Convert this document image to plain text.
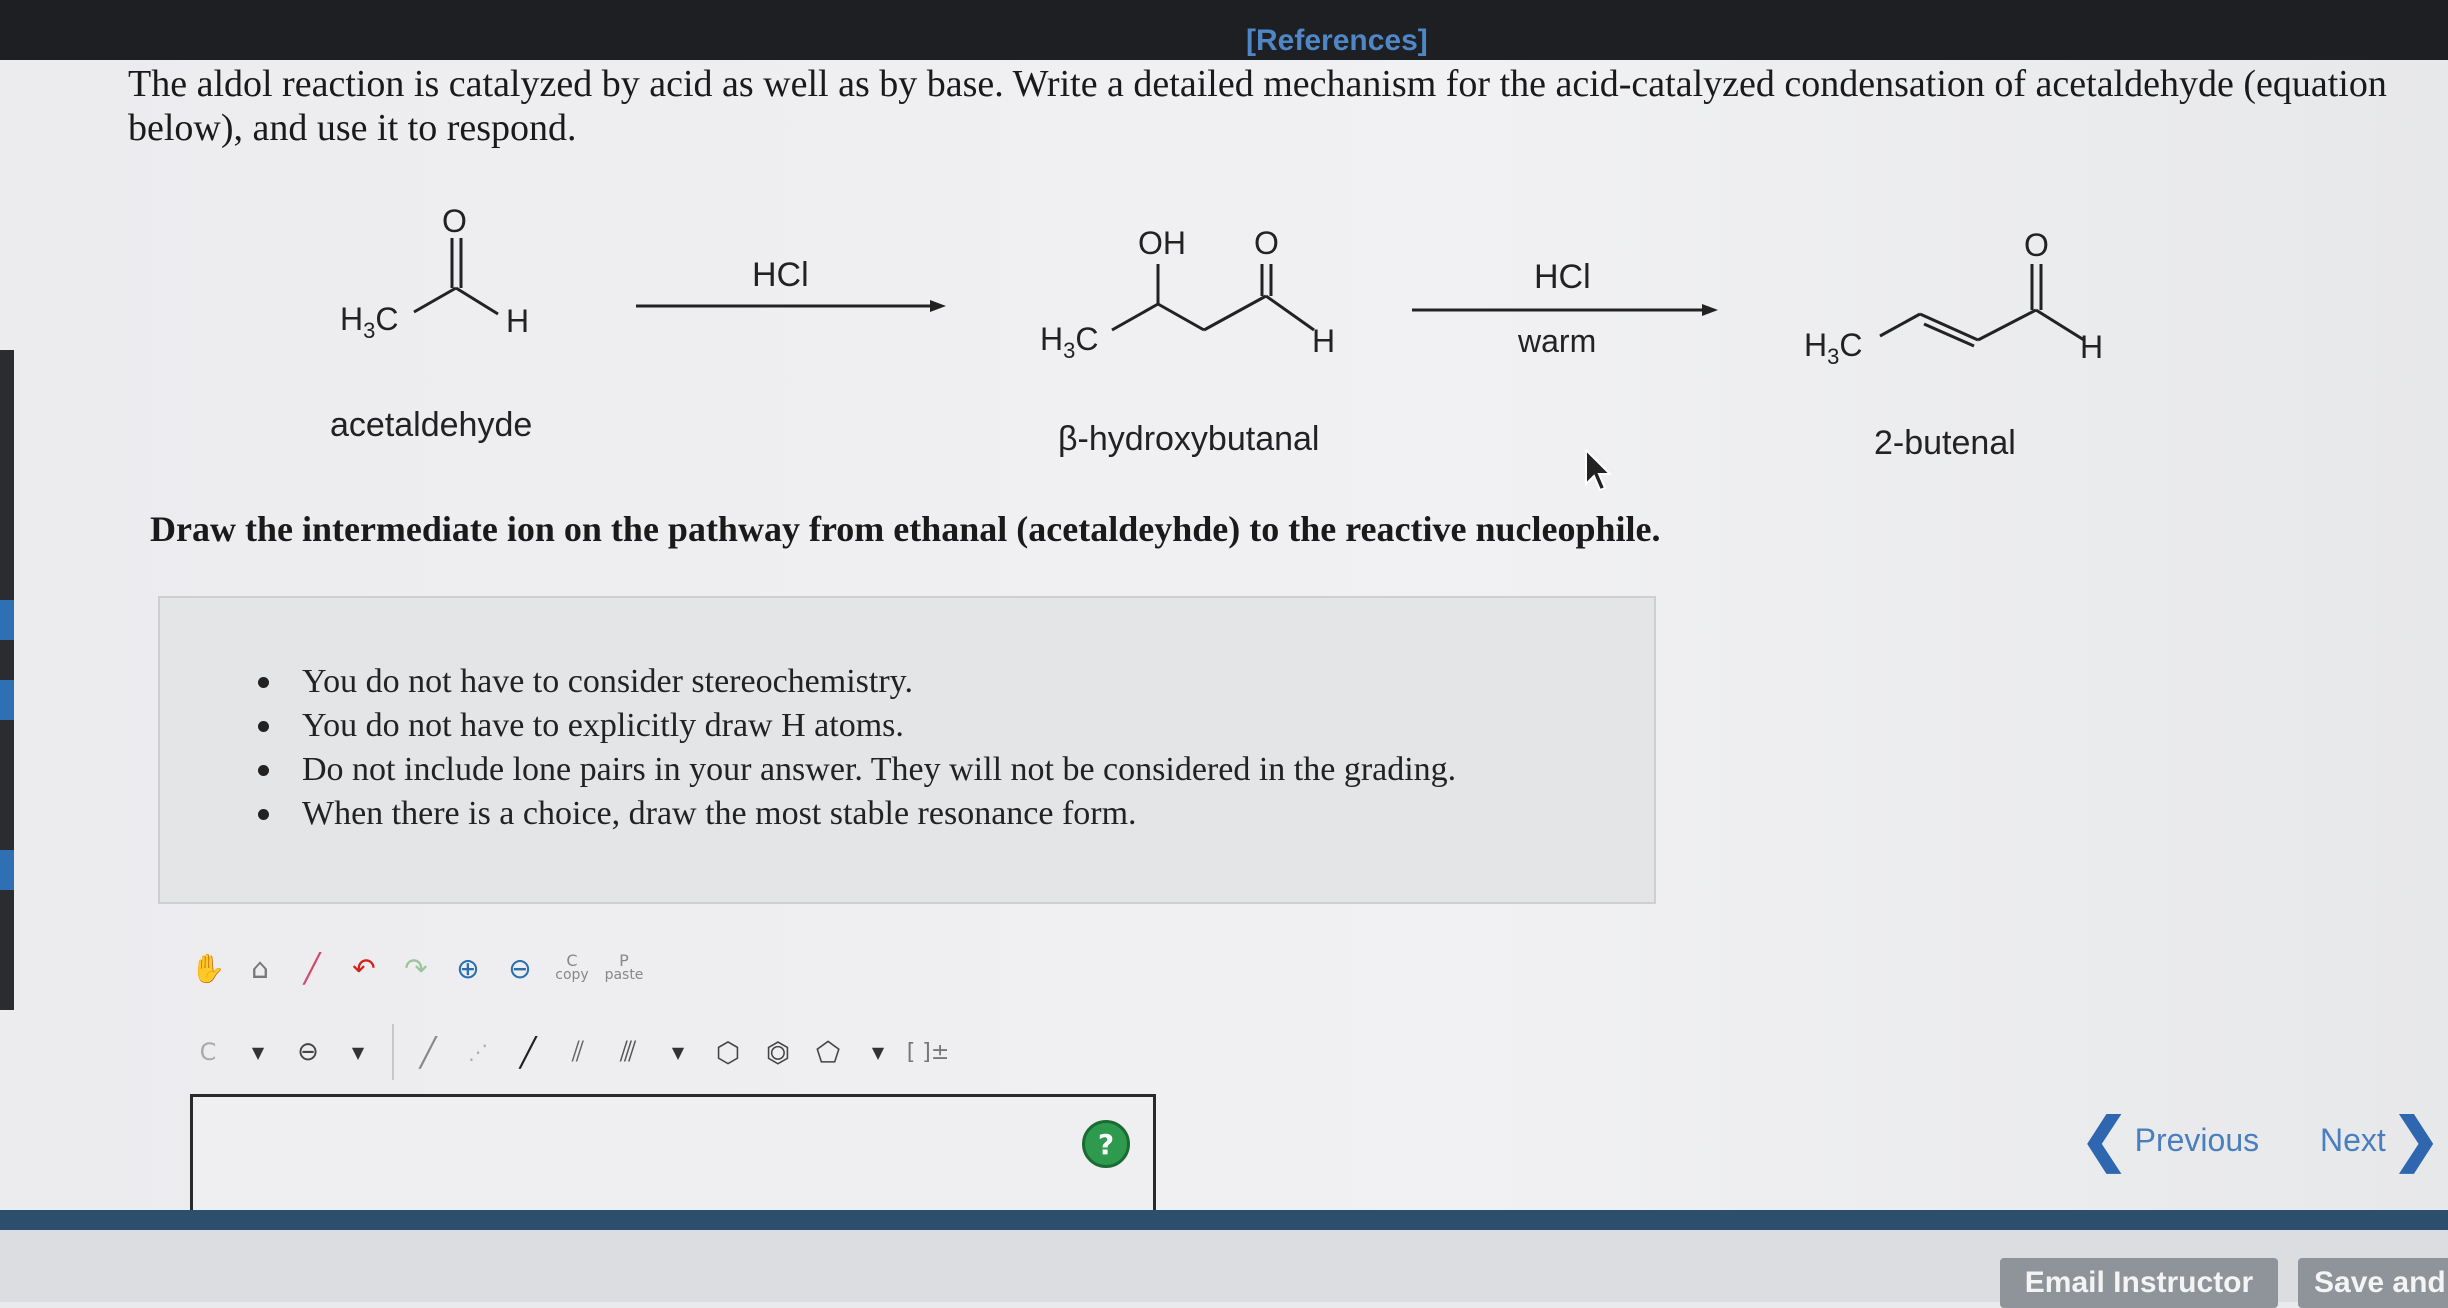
[References]
The aldol reaction is catalyzed by acid as well as by base. Write a detailed mechanism for the acid-catalyzed condensation of acetaldehyde (equation below), and use it to respond.
O
$H_3C$	H
HCl
OH O
$H_3C$	H
HCl
warm
O
$H_3C$	H
acetaldehyde	β-hydroxybutanal	2-butenal
Draw the intermediate ion on the pathway from ethanal (acetaldeyhde) to the reactive nucleophile.
You do not have to consider stereochemistry.
You do not have to explicitly draw H atoms.
Do not include lone pairs in your answer. They will not be considered in the grading.
When there is a choice, draw the most stable resonance form.
✋ ⌂ ╱ ↶ ↷ ⊕ ⊖ C
copy
P
paste
C ▼ ⊖ ▼ ╱ ⋰ ╱ ⫽ ⫻ ▼ ⬡ ⏣ ⬠ ▼ [ ]±
?	❮ Previous Next ❯
Email Instructor	Save and
